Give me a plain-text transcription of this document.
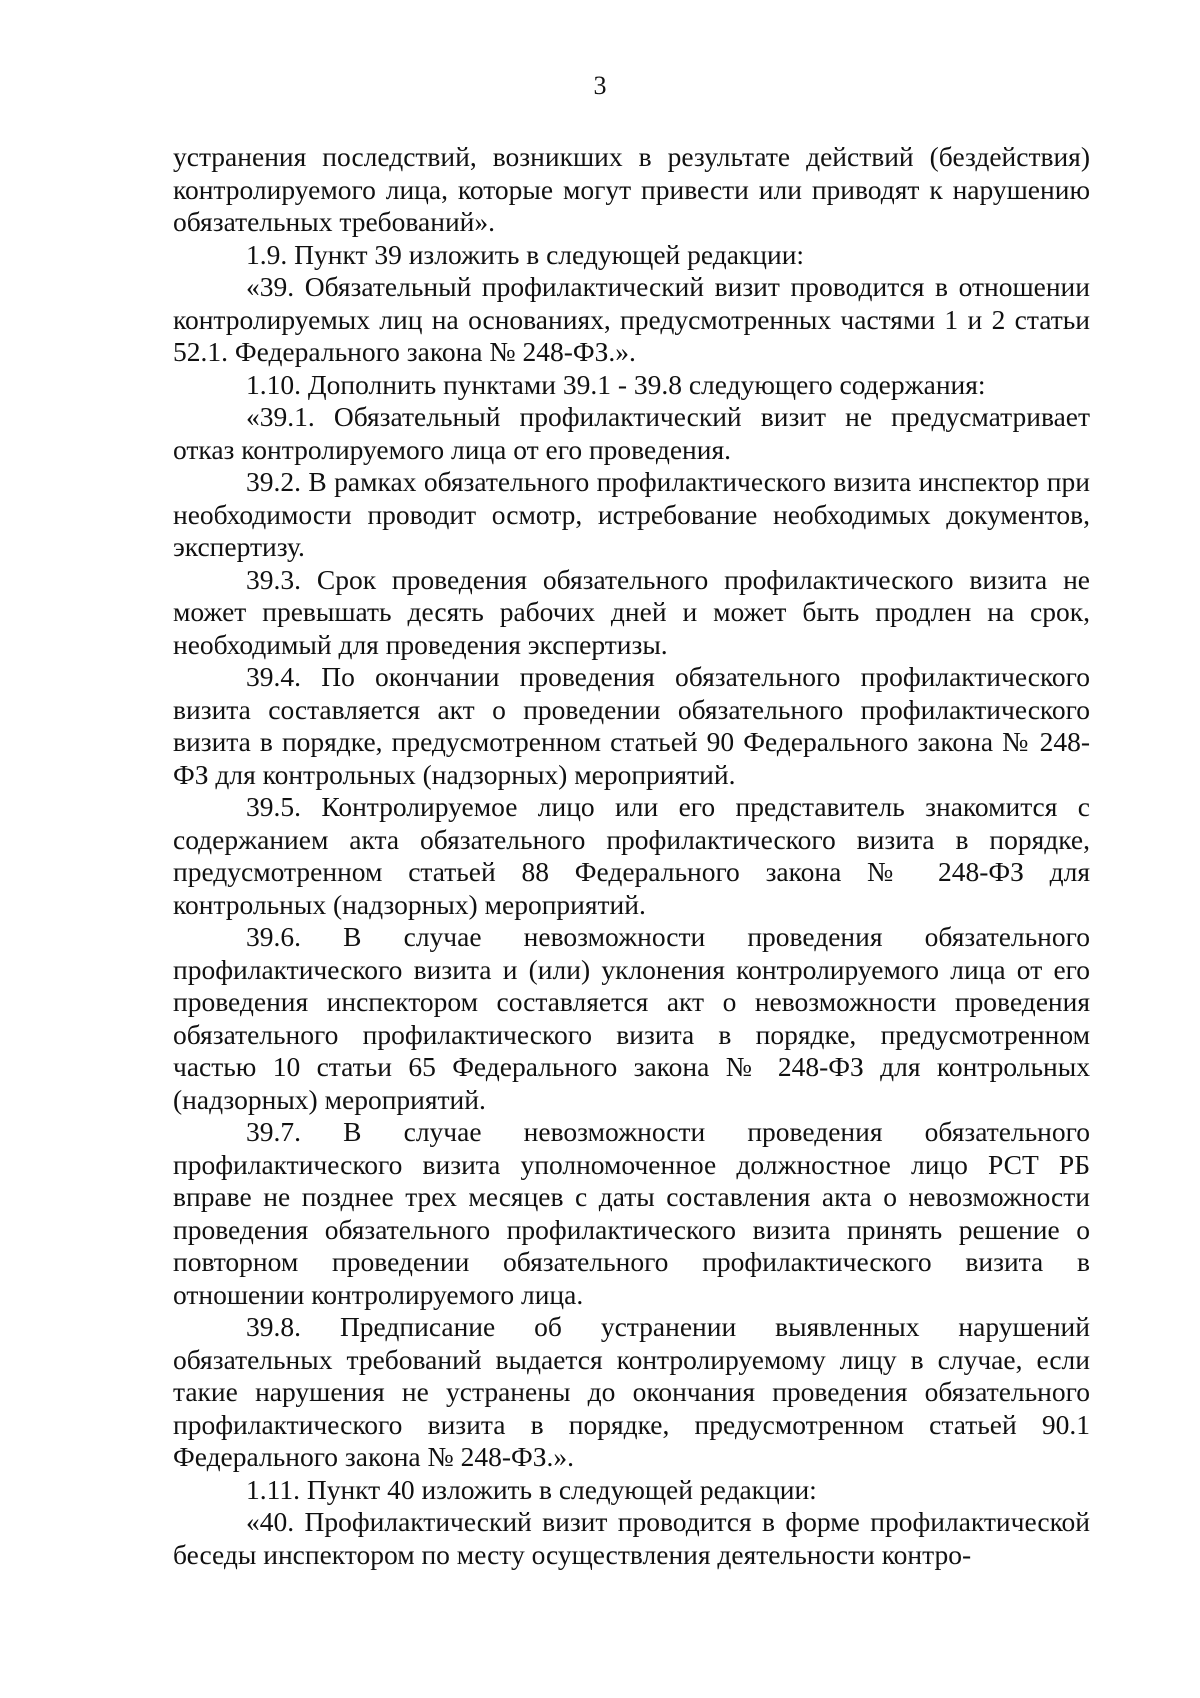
3

устранения последствий, возникших в результате действий (бездействия) контролируемого лица, которые могут привести или приводят к нарушению обязательных требований».

1.9. Пункт 39 изложить в следующей редакции:

«39. Обязательный профилактический визит проводится в отношении контролируемых лиц на основаниях, предусмотренных частями 1 и 2 статьи 52.1. Федерального закона № 248-ФЗ.».

1.10. Дополнить пунктами 39.1 - 39.8 следующего содержания:

«39.1. Обязательный профилактический визит не предусматривает отказ контролируемого лица от его проведения.

39.2. В рамках обязательного профилактического визита инспектор при необходимости проводит осмотр, истребование необходимых документов, экспертизу.

39.3. Срок проведения обязательного профилактического визита не может превышать десять рабочих дней и может быть продлен на срок, необходимый для проведения экспертизы.

39.4. По окончании проведения обязательного профилактического визита составляется акт о проведении обязательного профилактического визита в порядке, предусмотренном статьей 90 Федерального закона № 248-ФЗ для контрольных (надзорных) мероприятий.

39.5. Контролируемое лицо или его представитель знакомится с содержанием акта обязательного профилактического визита в порядке, предусмотренном статьей 88 Федерального закона № 248-ФЗ для контрольных (надзорных) мероприятий.

39.6. В случае невозможности проведения обязательного профилактического визита и (или) уклонения контролируемого лица от его проведения инспектором составляется акт о невозможности проведения обязательного профилактического визита в порядке, предусмотренном частью 10 статьи 65 Федерального закона № 248-ФЗ для контрольных (надзорных) мероприятий.

39.7. В случае невозможности проведения обязательного профилактического визита уполномоченное должностное лицо РСТ РБ вправе не позднее трех месяцев с даты составления акта о невозможности проведения обязательного профилактического визита принять решение о повторном проведении обязательного профилактического визита в отношении контролируемого лица.

39.8. Предписание об устранении выявленных нарушений обязательных требований выдается контролируемому лицу в случае, если такие нарушения не устранены до окончания проведения обязательного профилактического визита в порядке, предусмотренном статьей 90.1 Федерального закона № 248-ФЗ.».

1.11. Пункт 40 изложить в следующей редакции:

«40. Профилактический визит проводится в форме профилактической беседы инспектором по месту осуществления деятельности контро-
